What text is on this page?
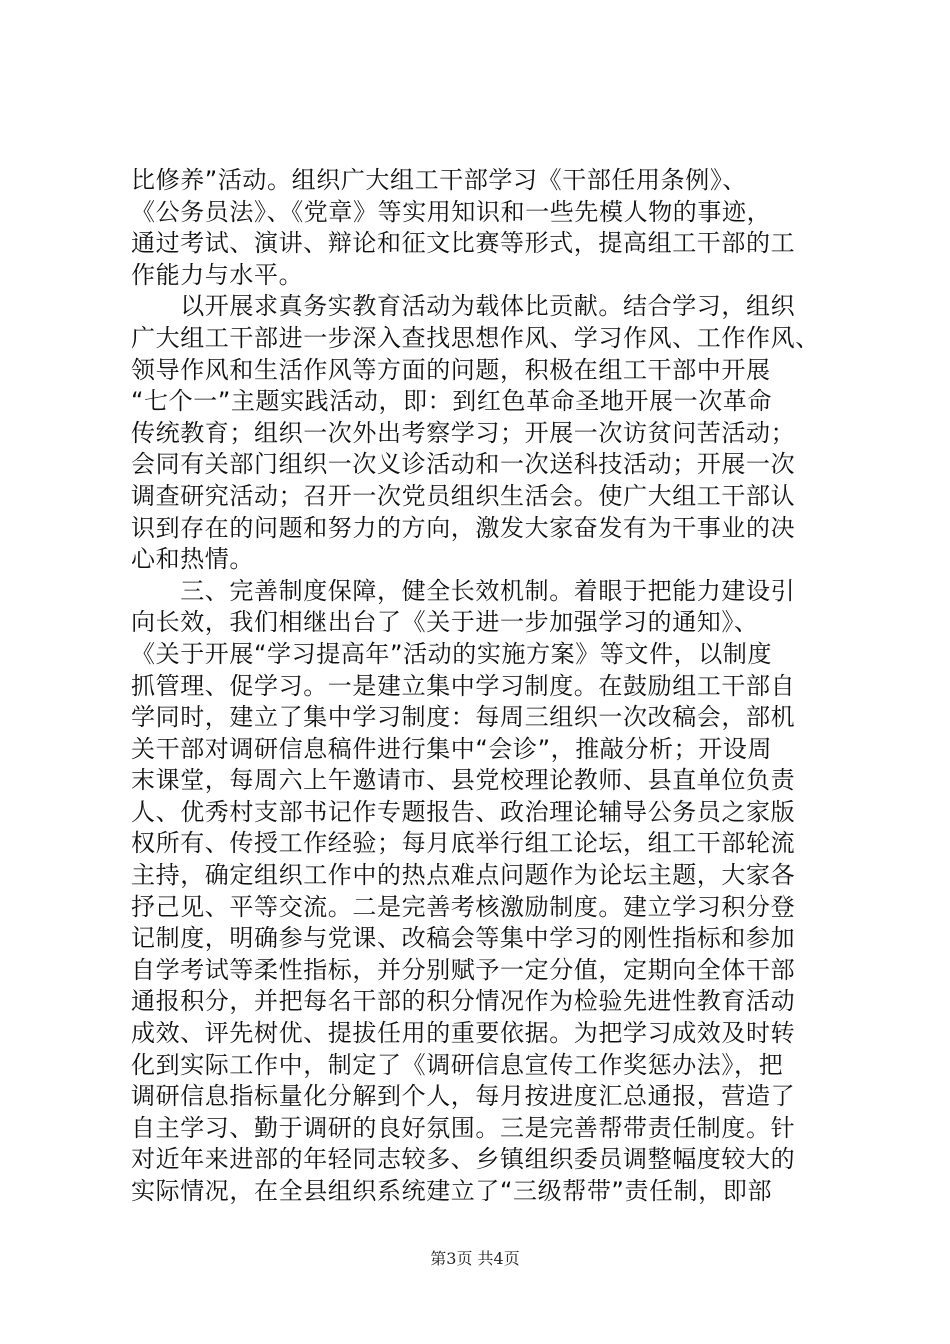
比修养”活动。组织广大组工干部学习《干部任用条例》、
《公务员法》、《党章》等实用知识和一些先模人物的事迹，
通过考试、演讲、辩论和征文比赛等形式，提高组工干部的工
作能力与水平。
　　以开展求真务实教育活动为载体比贡献。结合学习，组织
广大组工干部进一步深入查找思想作风、学习作风、工作作风、
领导作风和生活作风等方面的问题，积极在组工干部中开展
“七个一”主题实践活动，即：到红色革命圣地开展一次革命
传统教育；组织一次外出考察学习；开展一次访贫问苦活动；
会同有关部门组织一次义诊活动和一次送科技活动；开展一次
调查研究活动；召开一次党员组织生活会。使广大组工干部认
识到存在的问题和努力的方向，激发大家奋发有为干事业的决
心和热情。
　　三、完善制度保障，健全长效机制。着眼于把能力建设引
向长效，我们相继出台了《关于进一步加强学习的通知》、
《关于开展“学习提高年”活动的实施方案》等文件，以制度
抓管理、促学习。一是建立集中学习制度。在鼓励组工干部自
学同时，建立了集中学习制度：每周三组织一次改稿会，部机
关干部对调研信息稿件进行集中“会诊”，推敲分析；开设周
末课堂，每周六上午邀请市、县党校理论教师、县直单位负责
人、优秀村支部书记作专题报告、政治理论辅导公务员之家版
权所有、传授工作经验；每月底举行组工论坛，组工干部轮流
主持，确定组织工作中的热点难点问题作为论坛主题，大家各
抒己见、平等交流。二是完善考核激励制度。建立学习积分登
记制度，明确参与党课、改稿会等集中学习的刚性指标和参加
自学考试等柔性指标，并分别赋予一定分值，定期向全体干部
通报积分，并把每名干部的积分情况作为检验先进性教育活动
成效、评先树优、提拔任用的重要依据。为把学习成效及时转
化到实际工作中，制定了《调研信息宣传工作奖惩办法》，把
调研信息指标量化分解到个人，每月按进度汇总通报，营造了
自主学习、勤于调研的良好氛围。三是完善帮带责任制度。针
对近年来进部的年轻同志较多、乡镇组织委员调整幅度较大的
实际情况，在全县组织系统建立了“三级帮带”责任制，即部
第3页 共4页
